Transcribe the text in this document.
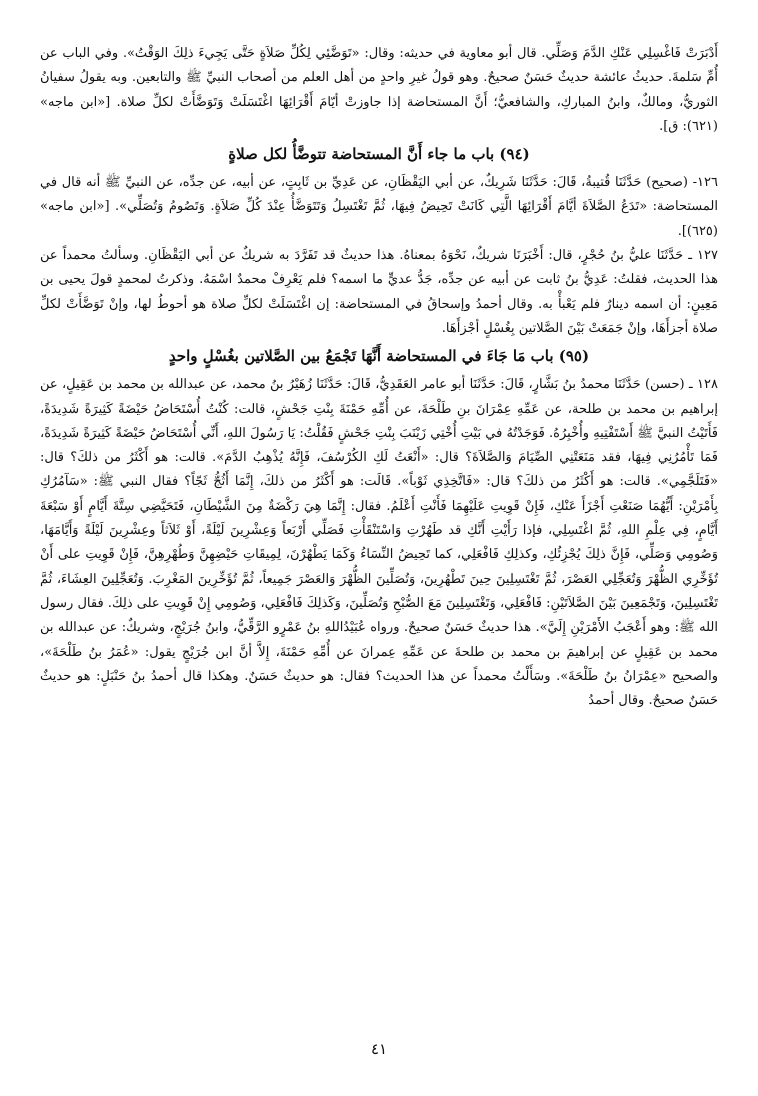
أَدْبَرَتْ فَاغْسِلِي عَنْكِ الدَّمَ وَصَلِّي. قال أبو معاوية في حديثه: وقال: «تَوَضَّئِي لِكُلِّ صَلاَةٍ حَتَّى يَجِيءَ ذلِكَ الوَقْتُ». وفي الباب عن أُمِّ سَلمةَ. حديثُ عائشة حديثٌ حَسَنٌ صحيحٌ. وهو قولُ غيرِ واحدٍ من أهل العلم من أصحاب النبيِّ ﷺ والتابعين. وبه يقولُ سفيانُ الثوريُّ، ومالكٌ، وابنُ المباركِ، والشافعيُّ؛ أَنَّ المستحاضة إذا جاوزتْ أيّامَ أَقْرَائِهَا اغْتَسَلَتْ وَتَوَضَّأَتْ لكلِّ صلاة. [«ابن ماجه» (٦٢١): ق].

(٩٤) باب ما جاء أَنَّ المستحاضة تتوضَّأُ لكل صلاةٍ

١٢٦- (صحيح) حَدَّثَنَا قُتيبةُ، قَالَ: حَدَّثَنَا شَرِيكٌ، عن أبي اليَقْظَانِ، عن عَدِيِّ بن ثَابِتٍ، عن أبيه، عن جدِّه، عن النبيِّ ﷺ أنه قال في المستحاضة: «تَدَعُ الصَّلاَةَ أيَّامَ أَقْرَائِهَا الَّتِي كَانَتْ تَحِيضُ فِيهَا، ثُمَّ تَغْتَسِلُ وَتَتَوَضَّأُ عِنْدَ كُلِّ صَلاَةٍ. وَتَصُومُ وَتُصَلِّي». [«ابن ماجه» (٦٢٥)].

١٢٧ ـ حَدَّثَنَا عليُّ بنُ حُجْرٍ، قال: أَخْبَرَنَا شريكٌ، نَحْوَهُ بمعناهُ. هذا حديثٌ قد تَفَرَّدَ به شريكٌ عن أبي اليَقْظَانِ. وسألتُ محمداً عن هذا الحديث، فقلتُ: عَدِيُّ بنُ ثابت عن أبيه عن جدِّه، جَدُّ عديٍّ ما اسمه؟ فلم يَعْرِفْ محمدٌ اسْمَهُ. وذكرتُ لمحمدٍ قولَ يحيى بن مَعِينٍ: أن اسمه دينارٌ فلم يَعْبأْ به. وقال أحمدُ وإسحاقُ في المستحاضة: إن اغْتَسَلَتْ لكلِّ صلاة هو أحوطُ لها، وإنْ تَوَضَّأَتْ لكلِّ صلاة أجزأَهَا، وإنْ جَمَعَتْ بَيْنَ الصَّلاتين بِغُسْلٍ أجْزأَهَا.

(٩٥) باب مَا جَاءَ في المستحاضة أَنَّهَا تَجْمَعُ بين الصَّلاتين بغُسْلٍ واحدٍ

١٢٨ ـ (حسن) حَدَّثَنَا محمدُ بنُ بَشَّارٍ، قَالَ: حَدَّثَنَا أبو عامر العَقَدِيُّ، قَالَ: حَدَّثَنَا زُهَيْرُ بنُ محمد، عن عبدالله بن محمد بن عَقِيلٍ، عن إبراهيم بن محمد بن طلحة، عن عَمِّهِ عِمْرَانَ بنِ طَلْحَةَ، عن أُمِّهِ حَمْنَةَ بِنْتِ جَحْشٍ، قالت: كُنْتُ أُسْتَحَاضُ حَيْضَةً كَثِيرَةً شَدِيدَةً، فَأَتَيْتُ النبيَّ ﷺ أَسْتَفْتِيهِ وأُخْبِرُهُ. فَوَجَدْتُهُ في بَيْتِ أُخْتِي زَيْنَبَ بِنْتِ جَحْشٍ فَقُلْتُ: يَا رَسُولَ اللهِ، أَنِّي أُسْتَحَاضُ حَيْضَةً كَثِيرَةً شَدِيدَةً، فَمَا تَأْمُرُنِي فِيهَا، فقد مَنَعَتْنِي الصِّيَامَ وَالصَّلاَةَ؟ قال: «أَنْعَتُ لَكِ الكُرْسُفَ، فَإِنَّهُ يُذْهِبُ الدَّمَ». قالت: هو أَكْثَرُ من ذلكَ؟ قال: «فَتَلَجَّمِي». قالت: هو أَكْثَرُ من ذلكَ؟ قال: «فَاتَّخِذِي ثَوْباً». قَالَت: هو أَكْثَرُ من ذلكَ، إِنَّمَا أَثُجُّ ثَجّاً؟ فقال النبي ﷺ: «سَآمُرُكِ بِأَمْرَيْنِ: أَيُّهُمَا صَنَعْتِ أَجْزَأَ عَنْكِ، فَإِنْ قَوِيتِ عَلَيْهِمَا فَأَنْتِ أَعْلَمُ. فقال: إِنَّمَا هِيَ رَكْضَةٌ مِنَ الشَّيْطَانِ، فَتَحَيَّضِي سِتَّةَ أَيَّامٍ أَوْ سَبْعَةَ أَيَّامٍ، فِي عِلْمِ اللهِ، ثُمَّ اغْتَسِلِي، فإذا رَأَيْتِ أَنَّكِ قد طَهُرْتِ وَاسْتَنْقَأْتِ فَصَلِّي أَرْبَعاً وَعِشْرِينَ لَيْلَةً، أَوْ ثَلاَثاً وعِشْرِينَ لَيْلَةً وَأَيَّامَهَا، وَصُومِي وَصَلِّي، فَإِنَّ ذلِكَ يُجْزِئُكِ، وكذلِكِ فَافْعَلِي، كما تَحِيضُ النِّسَاءُ وَكَمَا يَطْهُرْنَ، لِمِيقَاتِ حَيْضِهِنَّ وَطُهْرِهِنَّ، فَإِنْ قَوِيتِ على أَنْ تُؤَخِّرِي الظُّهْرَ وَتُعَجِّلِي العَصْرَ، ثُمَّ تَغْتَسِلِينَ حِينَ تَطْهُرِينَ، وَتُصَلِّينَ الظُّهْرَ وَالعَصْرَ جَمِيعاً، ثُمَّ تُؤَخِّرِينَ المَغْرِبَ. وَتُعَجِّلِينَ العِشَاءَ، ثُمَّ تَغْتَسِلِينَ، وَتَجْمَعِينَ بَيْنَ الصَّلاَتَيْنِ: فَافْعَلِي، وَتَغْتَسِلِينَ مَعَ الصُّبْحِ وَتُصَلِّينَ، وَكَذلِكَ فَافْعَلِي، وَصُومِي إِنْ قَوِيتِ على ذلِكَ. فقال رسول الله ﷺ: وهو أَعْجَبُ الأَمْرَيْنِ إِلَيَّ». هذا حديثٌ حَسَنٌ صحيحٌ. ورواه عُبَيْدُاللهِ بنُ عَمْرٍو الرَّقِّيُّ، وابنُ جُرَيْجٍ، وشريكٌ: عن عبدالله بن محمد بن عَقِيلٍ عن إبراهيمَ بن محمد بن طلحةَ عن عَمِّهِ عِمرانَ عن أُمِّهِ حَمْنَةَ، إِلاَّ أنَّ ابن جُرَيْجٍ يقول: «عُمَرُ بنُ طَلْحَةَ»، والصحيح «عِمْرَانُ بنُ طَلْحَةَ». وسَأَلْتُ محمداً عن هذا الحديث؟ فقال: هو حديثٌ حَسَنٌ. وهكذا قال أحمدُ بنُ حَنْبَلٍ: هو حديثٌ حَسَنٌ صحيحٌ. وقال أحمدُ

٤١
